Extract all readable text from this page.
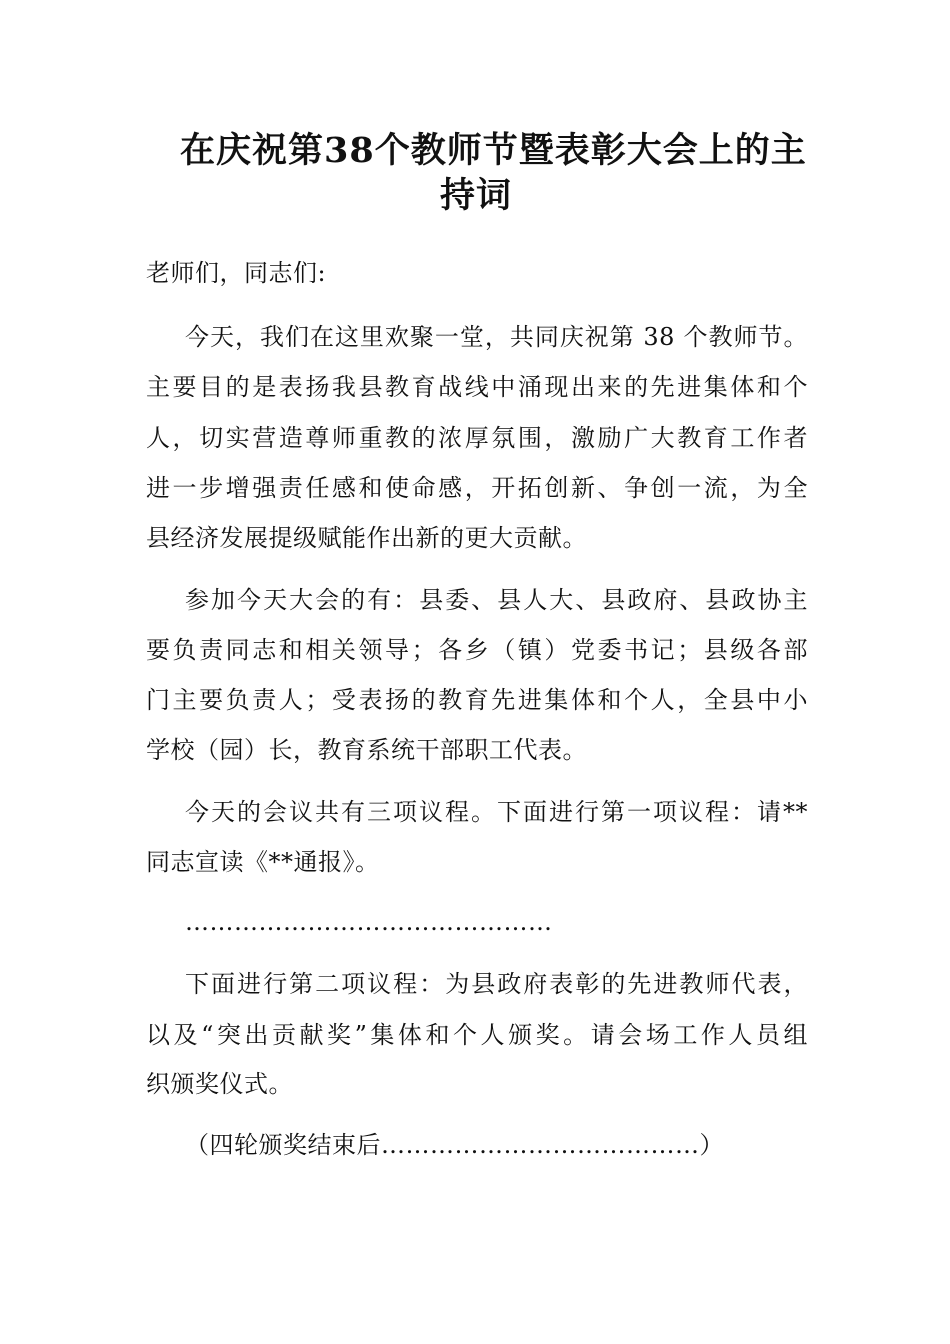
在庆祝第38个教师节暨表彰大会上的主
持词
老师们，同志们:
今天，我们在这里欢聚一堂，共同庆祝第 38 个教师节。
主要目的是表扬我县教育战线中涌现出来的先进集体和个
人，切实营造尊师重教的浓厚氛围，激励广大教育工作者
进一步增强责任感和使命感，开拓创新、争创一流，为全
县经济发展提级赋能作出新的更大贡献。
参加今天大会的有：县委、县人大、县政府、县政协主
要负责同志和相关领导；各乡（镇）党委书记；县级各部
门主要负责人；受表扬的教育先进集体和个人，全县中小
学校（园）长，教育系统干部职工代表。
今天的会议共有三项议程。下面进行第一项议程：请**
同志宣读《**通报》。
………………………………………
下面进行第二项议程：为县政府表彰的先进教师代表，
以及“突出贡献奖”集体和个人颁奖。请会场工作人员组
织颁奖仪式。
（四轮颁奖结束后…………………………………）
